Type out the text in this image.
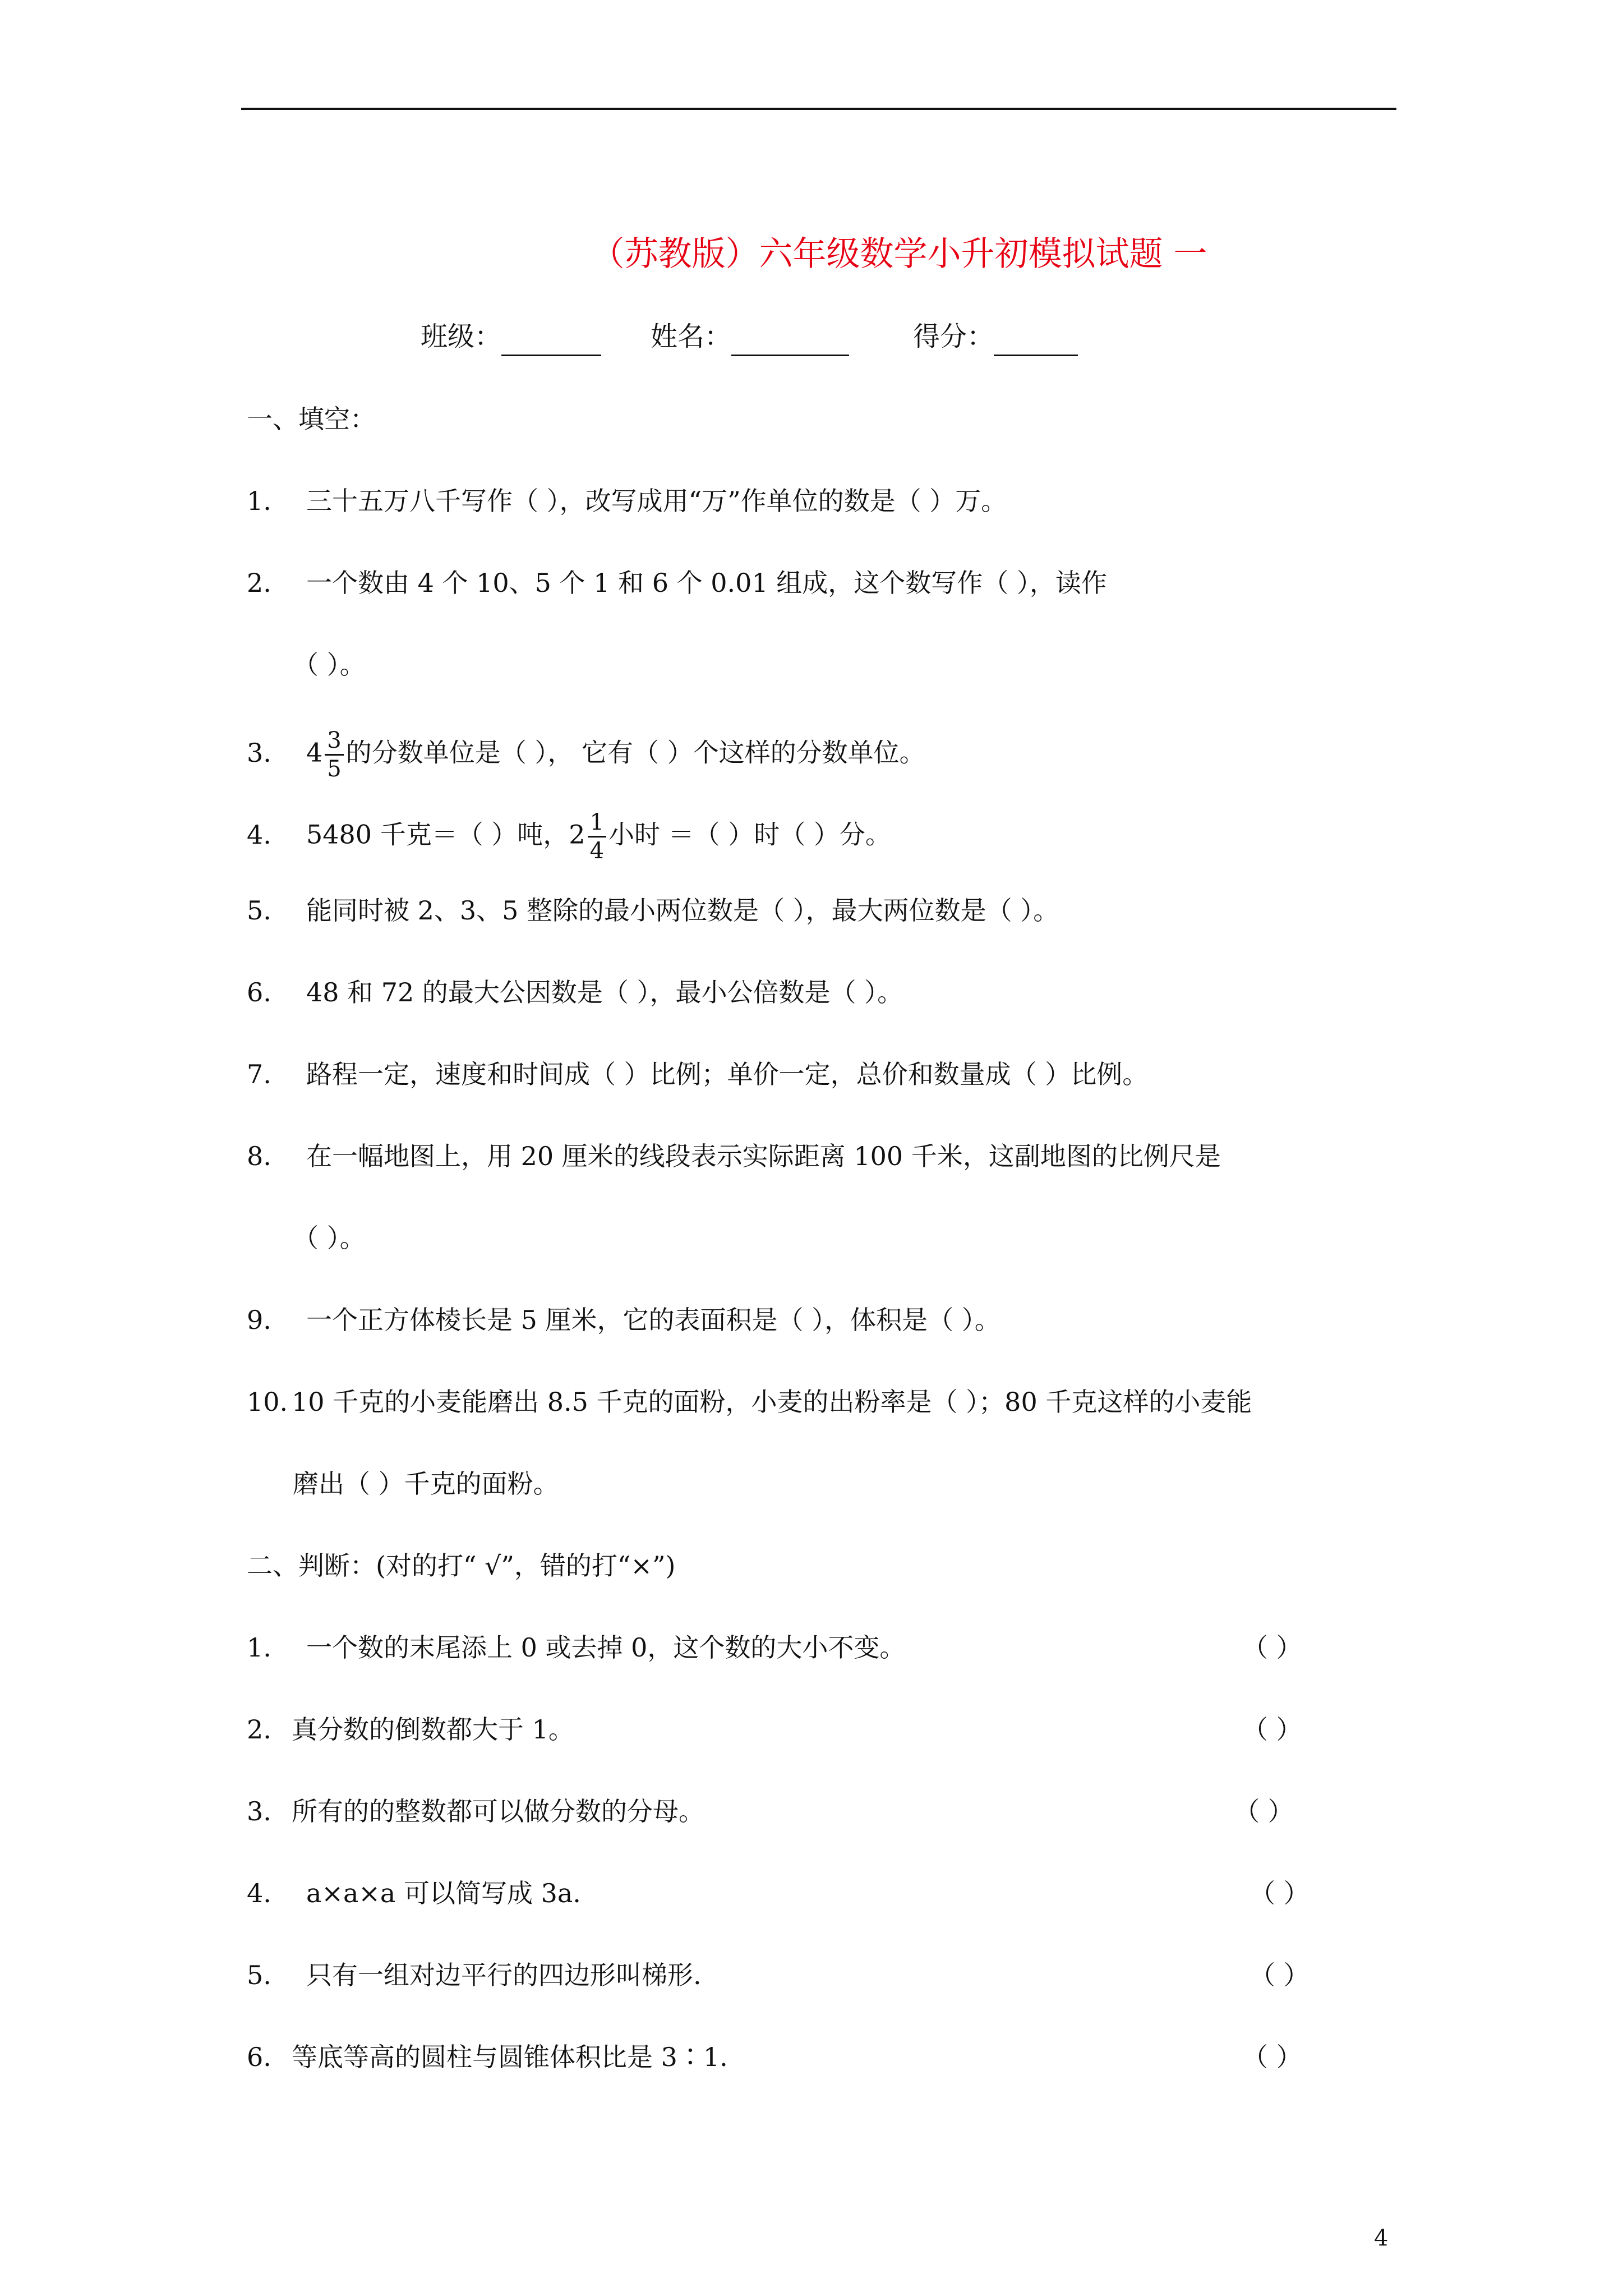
（苏教版）六年级数学小升初模拟试题 一
班级：	姓名：	得分：
一、填空：
1. 三十五万八千写作（ ），改写成用“万”作单位的数是（ ）万。
2. 一个数由 4 个 10、5 个 1 和 6 个 0.01 组成，这个数写作（ ），读作
（ ）。
3. $4 \frac{3}{5}$ 的分数单位是（ ）， 它有（ ）个这样的分数单位。
4. 5480 千克＝（ ）吨，$2 \frac{1}{4}$ 小时 ＝（ ）时（ ）分。
5. 能同时被 2、3、5 整除的最小两位数是（ ），最大两位数是（ ）。
6. 48 和 72 的最大公因数是（ ），最小公倍数是（ ）。
7. 路程一定，速度和时间成（ ）比例；单价一定，总价和数量成（ ）比例。
8. 在一幅地图上，用 20 厘米的线段表示实际距离 100 千米，这副地图的比例尺是
（ ）。
9. 一个正方体棱长是 5 厘米，它的表面积是（ ），体积是（ ）。
10. 10 千克的小麦能磨出 8.5 千克的面粉，小麦的出粉率是（ ）；80 千克这样的小麦能
磨出（ ）千克的面粉。
二、判断：(对的打“ √”，错的打“×”)
1. 一个数的末尾添上 0 或去掉 0，这个数的大小不变。	（ ）
2. 真分数的倒数都大于 1。	（ ）
3. 所有的的整数都可以做分数的分母。	（ ）
4. a×a×a 可以简写成 3a.	（ ）
5. 只有一组对边平行的四边形叫梯形.	（ ）
6. 等底等高的圆柱与圆锥体积比是 3∶1.	（ ）
4
